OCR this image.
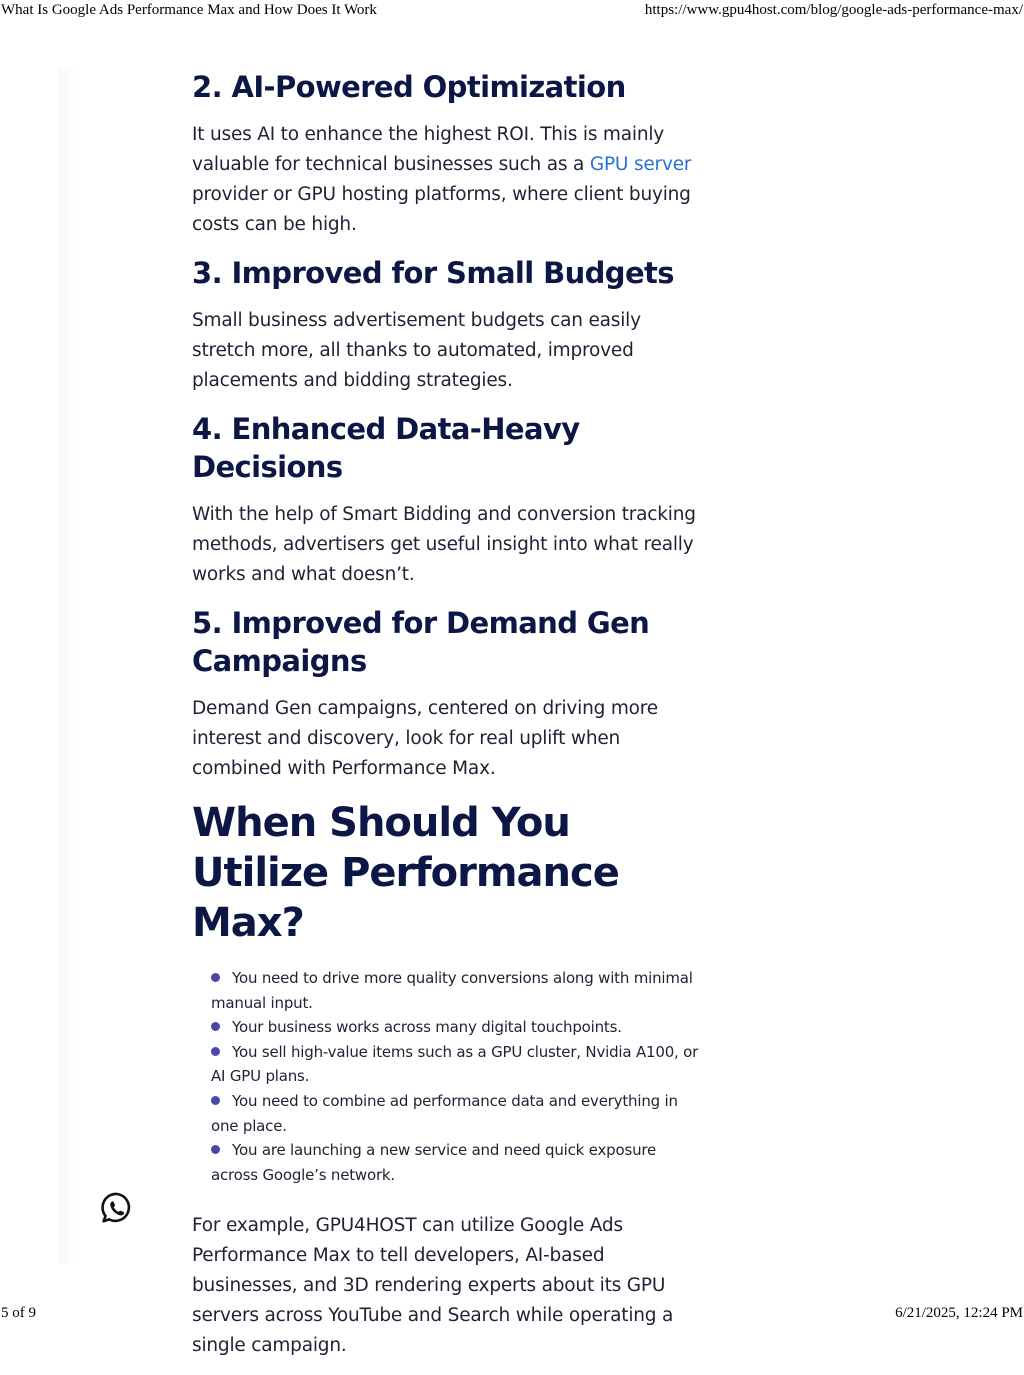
What Is Google Ads Performance Max and How Does It Work	https://www.gpu4host.com/blog/google-ads-performance-max/
2. AI-Powered Optimization

It uses AI to enhance the highest ROI. This is mainly valuable for technical businesses such as a GPU server provider or GPU hosting platforms, where client buying costs can be high.

3. Improved for Small Budgets

Small business advertisement budgets can easily stretch more, all thanks to automated, improved placements and bidding strategies.

4. Enhanced Data-Heavy Decisions

With the help of Smart Bidding and conversion tracking methods, advertisers get useful insight into what really works and what doesn’t.

5. Improved for Demand Gen Campaigns

Demand Gen campaigns, centered on driving more interest and discovery, look for real uplift when combined with Performance Max.

When Should You Utilize Performance Max?
You need to drive more quality conversions along with minimal manual input.
Your business works across many digital touchpoints.
You sell high-value items such as a GPU cluster, Nvidia A100, or AI GPU plans.
You need to combine ad performance data and everything in one place.
You are launching a new service and need quick exposure across Google’s network.

For example, GPU4HOST can utilize Google Ads Performance Max to tell developers, AI-based businesses, and 3D rendering experts about its GPU servers across YouTube and Search while operating a single campaign.

5 of 9	6/21/2025, 12:24 PM
